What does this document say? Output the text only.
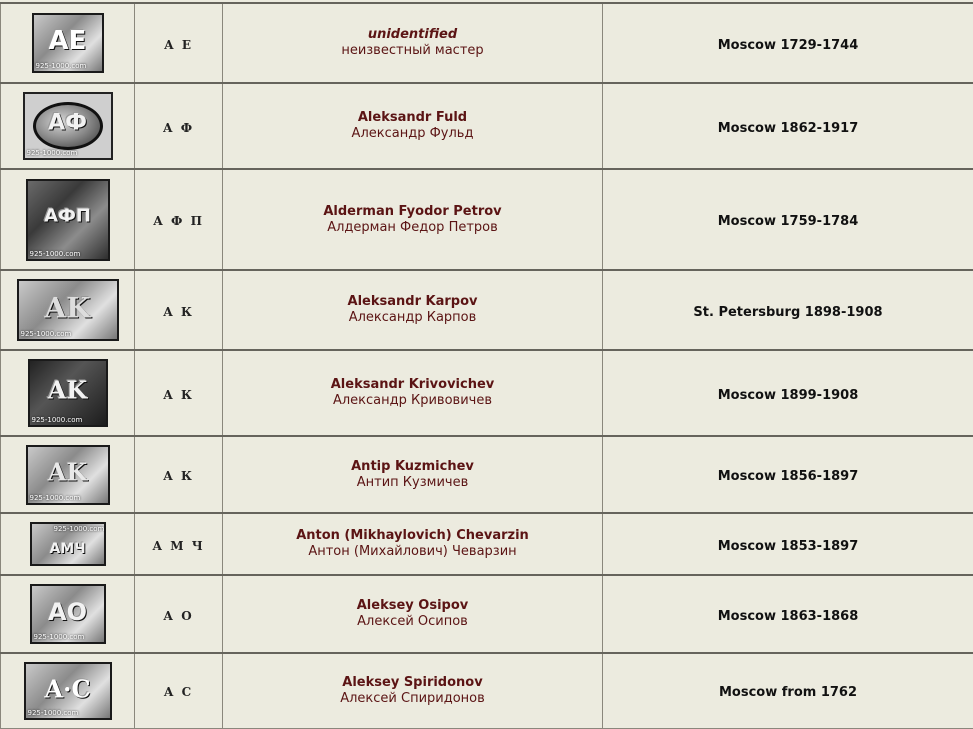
AE
925-1000.com	А Е	unidentified
неизвестный мастер	Moscow 1729-1744

AФ
925-1000.com	А Ф	Aleksandr Fuld
Александр Фульд	Moscow 1862-1917

AФП
925-1000.com	А Ф П	Alderman Fyodor Petrov
Алдерман Федор Петров	Moscow 1759-1784

AK
925-1000.com	А К	Aleksandr Karpov
Александр Карпов	St. Petersburg 1898-1908

AK
925-1000.com	А К	Aleksandr Krivovichev
Александр Кривовичев	Moscow 1899-1908

AK
925-1000.com	А К	Antip Kuzmichev
Антип Кузмичев	Moscow 1856-1897

AMЧ
925-1000.com	А М Ч	Anton (Mikhaylovich) Chevarzin
Антон (Михайлович) Чеварзин	Moscow 1853-1897

AO
925-1000.com	А О	Aleksey Osipov
Алексей Осипов	Moscow 1863-1868

A·C
925-1000.com	А С	Aleksey Spiridonov
Алексей Спиридонов	Moscow from 1762
